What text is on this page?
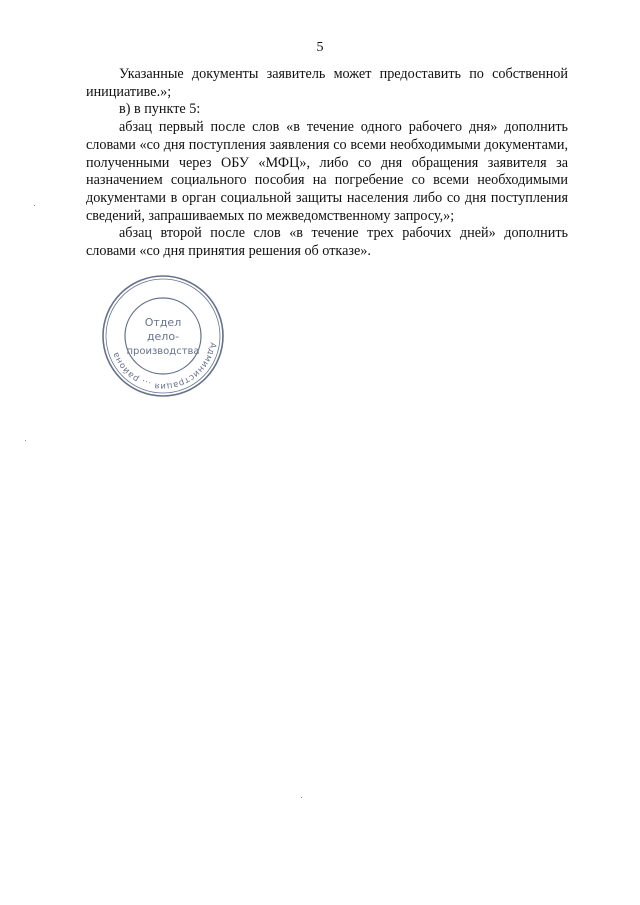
5

Указанные документы заявитель может предоставить по собственной инициативе.»;

в) в пункте 5:

абзац первый после слов «в течение одного рабочего дня» дополнить словами «со дня поступления заявления со всеми необходимыми документами, полученными через ОБУ «МФЦ», либо со дня обращения заявителя за назначением социального пособия на погребение со всеми необходимыми документами в орган социальной защиты населения либо со дня поступления сведений, запрашиваемых по межведомственному запросу,»;

абзац второй после слов «в течение трех рабочих дней» дополнить словами «со дня принятия решения об отказе».

Администрация ... района
Отдел
дело-
производства
